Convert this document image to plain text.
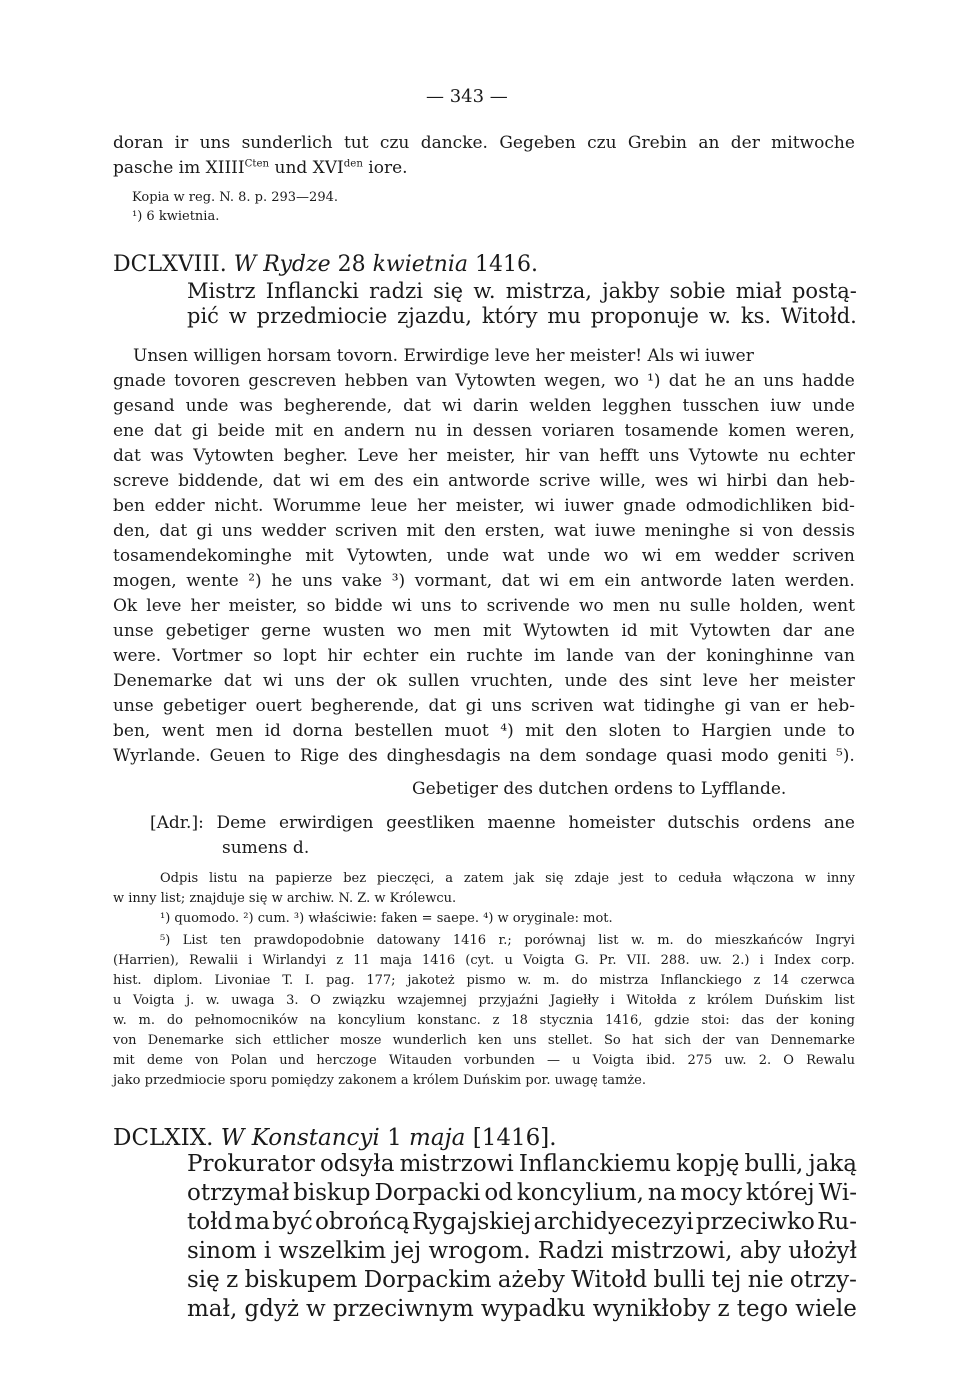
— 343 —
doran ir uns sunderlich tut czu dancke. Gegeben czu Grebin an der mitwoche
pasche im $XIIII^{Cten}$ und $XVI^{den}$ iore.
Kopia w reg. N. 8. p. 293—294.
¹) 6 kwietnia.
DCLXVIII. W Rydze 28 kwietnia 1416.
Mistrz Inflancki radzi się w. mistrza, jakby sobie miał postą-
pić w przedmiocie zjazdu, który mu proponuje w. ks. Witołd.
Unsen willigen horsam tovorn. Erwirdige leve her meister! Als wi iuwer
gnade tovoren gescreven hebben van Vytowten wegen, wo ¹) dat he an uns hadde
gesand unde was begherende, dat wi darin welden legghen tusschen iuw unde
ene dat gi beide mit en andern nu in dessen voriaren tosamende komen weren,
dat was Vytowten begher. Leve her meister, hir van hefft uns Vytowte nu echter
screve biddende, dat wi em des ein antworde scrive wille, wes wi hirbi dan heb-
ben edder nicht. Worumme leue her meister, wi iuwer gnade odmodichliken bid-
den, dat gi uns wedder scriven mit den ersten, wat iuwe meninghe si von dessis
tosamendekominghe mit Vytowten, unde wat unde wo wi em wedder scriven
mogen, wente ²) he uns vake ³) vormant, dat wi em ein antworde laten werden.
Ok leve her meister, so bidde wi uns to scrivende wo men nu sulle holden, went
unse gebetiger gerne wusten wo men mit Wytowten id mit Vytowten dar ane
were. Vortmer so lopt hir echter ein ruchte im lande van der koninghinne van
Denemarke dat wi uns der ok sullen vruchten, unde des sint leve her meister
unse gebetiger ouert begherende, dat gi uns scriven wat tidinghe gi van er heb-
ben, went men id dorna bestellen muot ⁴) mit den sloten to Hargien unde to
Wyrlande. Geuen to Rige des dinghesdagis na dem sondage quasi modo geniti ⁵).
Gebetiger des dutchen ordens to Lyfflande.
[Adr.]: Deme erwirdigen geestliken maenne homeister dutschis ordens ane
sumens d.
Odpis listu na papierze bez pieczęci, a zatem jak się zdaje jest to ceduła włączona w inny
w inny list; znajduje się w archiw. N. Z. w Królewcu.
¹) quomodo. ²) cum. ³) właściwie: faken = saepe. ⁴) w oryginale: mot.
⁵) List ten prawdopodobnie datowany 1416 r.; porównaj list w. m. do mieszkańców Ingryi
(Harrien), Rewalii i Wirlandyi z 11 maja 1416 (cyt. u Voigta G. Pr. VII. 288. uw. 2.) i Index corp.
hist. diplom. Livoniae T. I. pag. 177; jakoteż pismo w. m. do mistrza Inflanckiego z 14 czerwca
u Voigta j. w. uwaga 3. O związku wzajemnej przyjaźni Jagiełły i Witołda z królem Duńskim list
w. m. do pełnomocników na koncylium konstanc. z 18 stycznia 1416, gdzie stoi: das der koning
von Denemarke sich ettlicher mosze wunderlich ken uns stellet. So hat sich der van Dennemarke
mit deme von Polan und herczoge Witauden vorbunden — u Voigta ibid. 275 uw. 2. O Rewalu
jako przedmiocie sporu pomiędzy zakonem a królem Duńskim por. uwagę tamże.
DCLXIX. W Konstancyi 1 maja [1416].
Prokurator odsyła mistrzowi Inflanckiemu kopję bulli, jaką
otrzymał biskup Dorpacki od koncylium, na mocy której Wi-
tołd ma być obrońcą Rygajskiej archidyecezyi przeciwko Ru-
sinom i wszelkim jej wrogom. Radzi mistrzowi, aby ułożył
się z biskupem Dorpackim ażeby Witołd bulli tej nie otrzy-
mał, gdyż w przeciwnym wypadku wynikłoby z tego wiele
